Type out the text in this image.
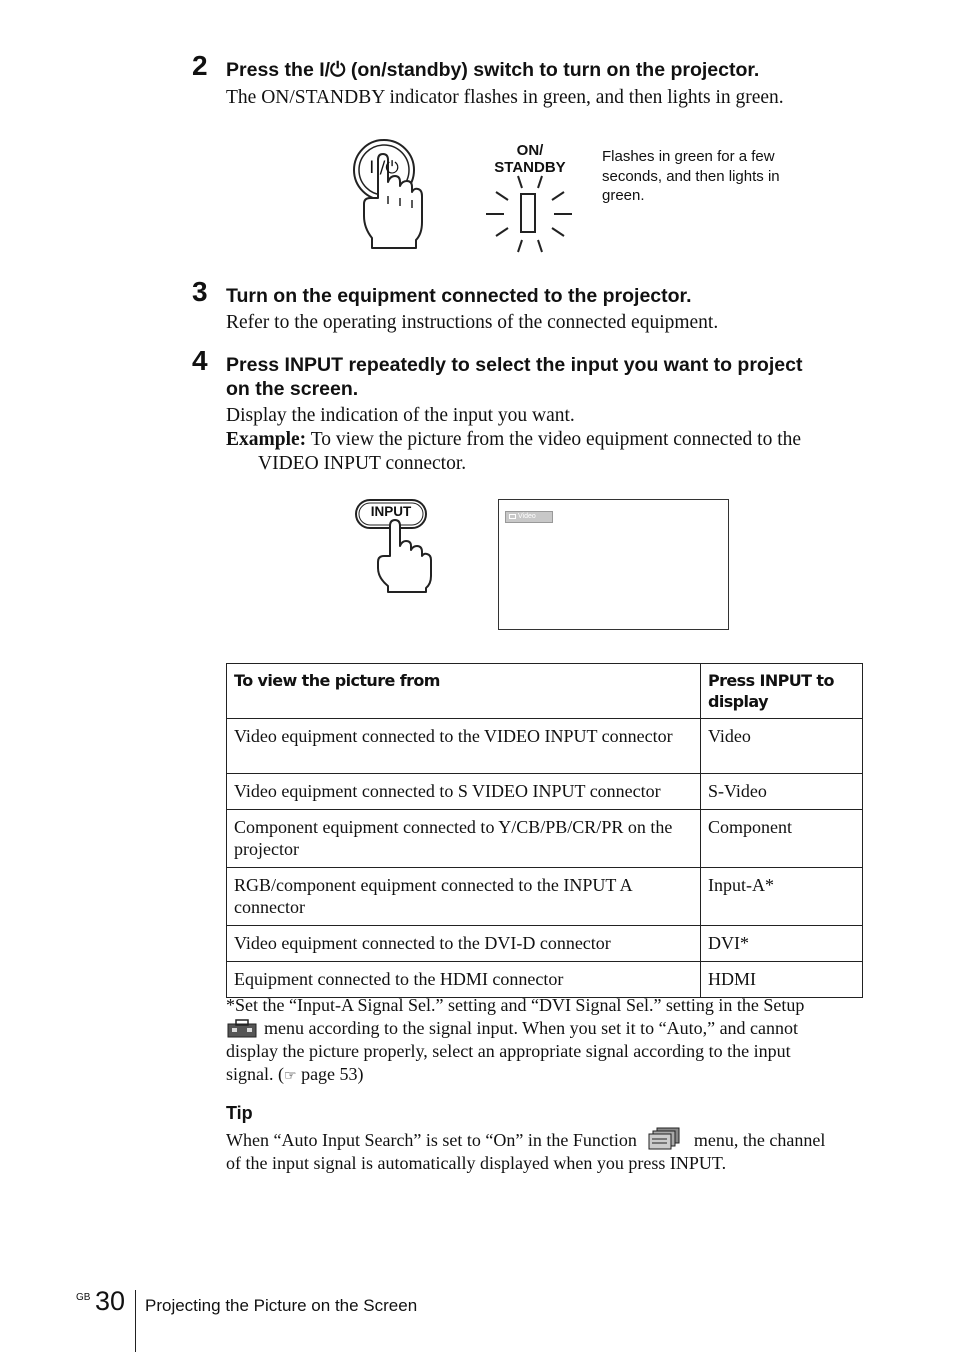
2 Press the I/⏻ (on/standby) switch to turn on the projector.
The ON/STANDBY indicator flashes in green, and then lights in green.
I /⏻
ON/
STANDBY
Flashes in green for a few
seconds, and then lights in
green.
3 Turn on the equipment connected to the projector.
Refer to the operating instructions of the connected equipment.
4 Press INPUT repeatedly to select the input you want to project
on the screen.
Display the indication of the input you want.
Example: To view the picture from the video equipment connected to the
VIDEO INPUT connector.
INPUT	Video
To view the picture from	Press INPUT to display
Video equipment connected to the VIDEO INPUT connector	Video
Video equipment connected to S VIDEO INPUT connector	S-Video
Component equipment connected to Y/CB/PB/CR/PR on the projector	Component
RGB/component equipment connected to the INPUT A connector	Input-A*
Video equipment connected to the DVI-D connector	DVI*
Equipment connected to the HDMI connector	HDMI
*Set the “Input-A Signal Sel.” setting and “DVI Signal Sel.” setting in the Setup
menu according to the signal input. When you set it to “Auto,” and cannot
display the picture properly, select an appropriate signal according to the input
signal. (☞ page 53)
Tip
When “Auto Input Search” is set to “On” in the Function	menu, the channel
of the input signal is automatically displayed when you press INPUT.
GB 30 Projecting the Picture on the Screen
